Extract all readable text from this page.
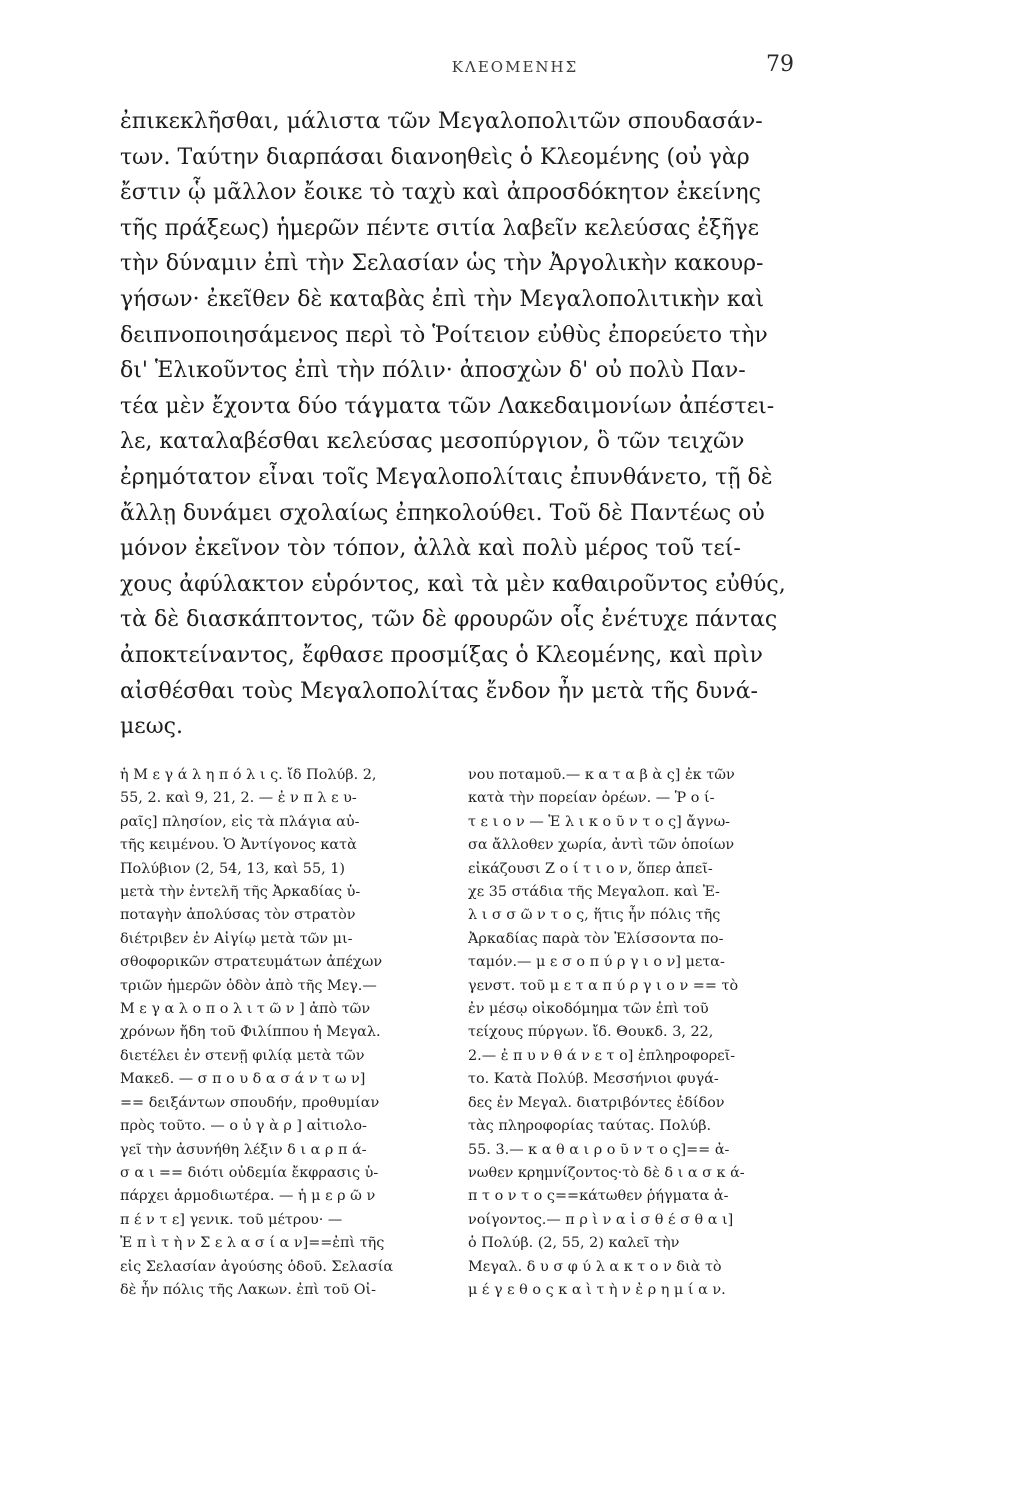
ΚΛΕΟΜΕΝΗΣ	79
ἐπικεκλῆσθαι, μάλιστα τῶν Μεγαλοπολιτῶν σπουδασάν-
των. Ταύτην διαρπάσαι διανοηθεὶς ὁ Κλεομένης (οὐ γὰρ
ἔστιν ᾧ μᾶλλον ἔοικε τὸ ταχὺ καὶ ἀπροσδόκητον ἐκείνης
τῆς πράξεως) ἡμερῶν πέντε σιτία λαβεῖν κελεύσας ἐξῆγε
τὴν δύναμιν ἐπὶ τὴν Σελασίαν ὡς τὴν Ἀργολικὴν κακουρ-
γήσων· ἐκεῖθεν δὲ καταβὰς ἐπὶ τὴν Μεγαλοπολιτικὴν καὶ
δειπνοποιησάμενος περὶ τὸ Ῥοίτειον εὐθὺς ἐπορεύετο τὴν
δι' Ἑλικοῦντος ἐπὶ τὴν πόλιν· ἀποσχὼν δ' οὐ πολὺ Παν-
τέα μὲν ἔχοντα δύο τάγματα τῶν Λακεδαιμονίων ἀπέστει-
λε, καταλαβέσθαι κελεύσας μεσοπύργιον, ὃ τῶν τειχῶν
ἐρημότατον εἶναι τοῖς Μεγαλοπολίταις ἐπυνθάνετο, τῇ δὲ
ἄλλῃ δυνάμει σχολαίως ἐπηκολούθει. Τοῦ δὲ Παντέως οὐ
μόνον ἐκεῖνον τὸν τόπον, ἀλλὰ καὶ πολὺ μέρος τοῦ τεί-
χους ἀφύλακτον εὑρόντος, καὶ τὰ μὲν καθαιροῦντος εὐθύς,
τὰ δὲ διασκάπτοντος, τῶν δὲ φρουρῶν οἷς ἐνέτυχε πάντας
ἀποκτείναντος, ἔφθασε προσμίξας ὁ Κλεομένης, καὶ πρὶν
αἰσθέσθαι τοὺς Μεγαλοπολίτας ἔνδον ἦν μετὰ τῆς δυνά-
μεως.
ἡ Μ ε γ ά λ η π ό λ ι ς. ἴδ Πολύβ. 2,
55, 2. καὶ 9, 21, 2. — ἐ ν π λ ε υ-
ραῖς] πλησίον, εἰς τὰ πλάγια αὐ-
τῆς κειμένου. Ὁ Ἀντίγονος κατὰ
Πολύβιον (2, 54, 13, καὶ 55, 1)
μετὰ τὴν ἐντελῆ τῆς Ἀρκαδίας ὑ-
ποταγὴν ἀπολύσας τὸν στρατὸν
διέτριβεν ἐν Αἰγίῳ μετὰ τῶν μι-
σθοφορικῶν στρατευμάτων ἀπέχων
τριῶν ἡμερῶν ὁδὸν ἀπὸ τῆς Μεγ.—
Μ ε γ α λ ο π ο λ ι τ ῶ ν ] ἀπὸ τῶν
χρόνων ἤδη τοῦ Φιλίππου ἡ Μεγαλ.
διετέλει ἐν στενῇ φιλίᾳ μετὰ τῶν
Μακεδ. — σ π ο υ δ α σ ά ν τ ω ν]
== δειξάντων σπουδήν, προθυμίαν
πρὸς τοῦτο. — ο ὐ γ ὰ ρ ] αἰτιολο-
γεῖ τὴν ἀσυνήθη λέξιν δ ι α ρ π ά-
σ α ι == διότι οὐδεμία ἔκφρασις ὑ-
πάρχει ἁρμοδιωτέρα. — ἡ μ ε ρ ῶ ν
π έ ν τ ε] γενικ. τοῦ μέτρου· —
Ἐ π ὶ τ ὴ ν Σ ε λ α σ ί α ν]==ἐπὶ τῆς
εἰς Σελασίαν ἀγούσης ὁδοῦ. Σελασία
δὲ ἦν πόλις τῆς Λακων. ἐπὶ τοῦ Οἰ-
νου ποταμοῦ.— κ α τ α β ὰ ς] ἐκ τῶν
κατὰ τὴν πορείαν ὀρέων. — Ῥ ο ί-
τ ε ι ο ν — Ἑ λ ι κ ο ῦ ν τ ο ς] ἄγνω-
σα ἄλλοθεν χωρία, ἀντὶ τῶν ὁποίων
εἰκάζουσι Ζ ο ί τ ι ο ν, ὅπερ ἀπεῖ-
χε 35 στάδια τῆς Μεγαλοπ. καὶ Ἐ-
λ ι σ σ ῶ ν τ ο ς, ἥτις ἦν πόλις τῆς
Ἀρκαδίας παρὰ τὸν Ἐλίσσοντα πο-
ταμόν.— μ ε σ ο π ύ ρ γ ι ο ν] μετα-
γενστ. τοῦ μ ε τ α π ύ ρ γ ι ο ν == τὸ
ἐν μέσῳ οἰκοδόμημα τῶν ἐπὶ τοῦ
τείχους πύργων. ἴδ. Θουκδ. 3, 22,
2.— ἐ π υ ν θ ά ν ε τ ο] ἐπληροφορεῖ-
το. Κατὰ Πολύβ. Μεσσήνιοι φυγά-
δες ἐν Μεγαλ. διατριβόντες ἐδίδον
τὰς πληροφορίας ταύτας. Πολύβ.
55. 3.— κ α θ α ι ρ ο ῦ ν τ ο ς]== ἀ-
νωθεν κρημνίζοντος·τὸ δὲ δ ι α σ κ ά-
π τ ο ν τ ο ς==κάτωθεν ῥήγματα ἀ-
νοίγοντος.— π ρ ὶ ν α ἰ σ θ έ σ θ α ι]
ὁ Πολύβ. (2, 55, 2) καλεῖ τὴν
Μεγαλ. δ υ σ φ ύ λ α κ τ ο ν διὰ τὸ
μ έ γ ε θ ο ς κ α ὶ τ ὴ ν ἐ ρ η μ ί α ν.
